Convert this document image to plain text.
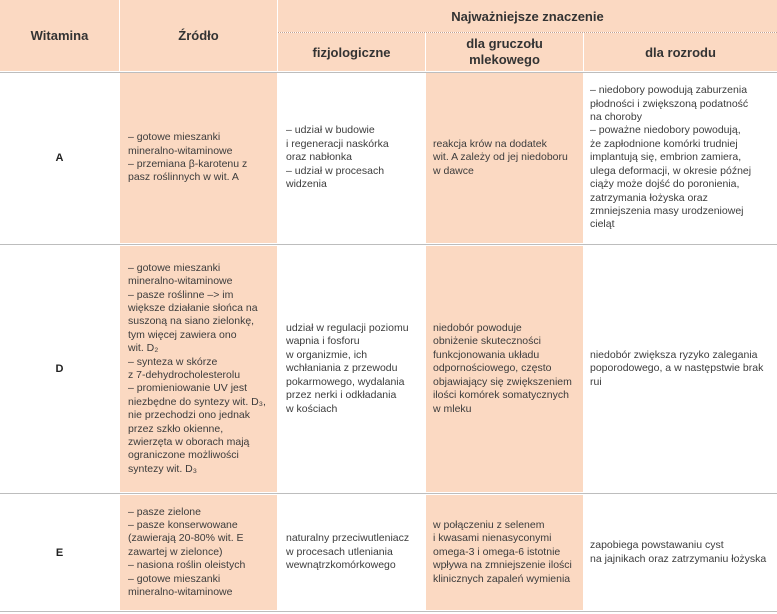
Witamina	Źródło
Najważniejsze znaczenie
fizjologiczne
dla gruczołu
mlekowego	dla rozrodu
A
– gotowe mieszanki
mineralno-witaminowe
– przemiana β-karotenu z
pasz roślinnych w wit. A
– udział w budowie
i regeneracji naskórka
oraz nabłonka
– udział w procesach
widzenia
reakcja krów na dodatek
wit. A zależy od jej niedoboru
w dawce
– niedobory powodują zaburzenia
płodności i zwiększoną podatność
na choroby
– poważne niedobory powodują,
że zapłodnione komórki trudniej
implantują się, embrion zamiera,
ulega deformacji, w okresie późnej
ciąży może dojść do poronienia,
zatrzymania łożyska oraz
zmniejszenia masy urodzeniowej
cieląt
D
– gotowe mieszanki
mineralno-witaminowe
– pasze roślinne –> im
większe działanie słońca na
suszoną na siano zielonkę,
tym więcej zawiera ono
wit. D₂
– synteza w skórze
z 7-dehydrocholesterolu
– promieniowanie UV jest
niezbędne do syntezy wit. D₃,
nie przechodzi ono jednak
przez szkło okienne,
zwierzęta w oborach mają
ograniczone możliwości
syntezy wit. D₃
udział w regulacji poziomu
wapnia i fosforu
w organizmie, ich
wchłaniania z przewodu
pokarmowego, wydalania
przez nerki i odkładania
w kościach
niedobór powoduje
obniżenie skuteczności
funkcjonowania układu
odpornościowego, często
objawiający się zwiększeniem
ilości komórek somatycznych
w mleku
niedobór zwiększa ryzyko zalegania
poporodowego, a w następstwie brak
rui
E
– pasze zielone
– pasze konserwowane
(zawierają 20-80% wit. E
zawartej w zielonce)
– nasiona roślin oleistych
– gotowe mieszanki
mineralno-witaminowe
naturalny przeciwutleniacz
w procesach utleniania
wewnątrzkomórkowego
w połączeniu z selenem
i kwasami nienasyconymi
omega-3 i omega-6 istotnie
wpływa na zmniejszenie ilości
klinicznych zapaleń wymienia
zapobiega powstawaniu cyst
na jajnikach oraz zatrzymaniu łożyska
